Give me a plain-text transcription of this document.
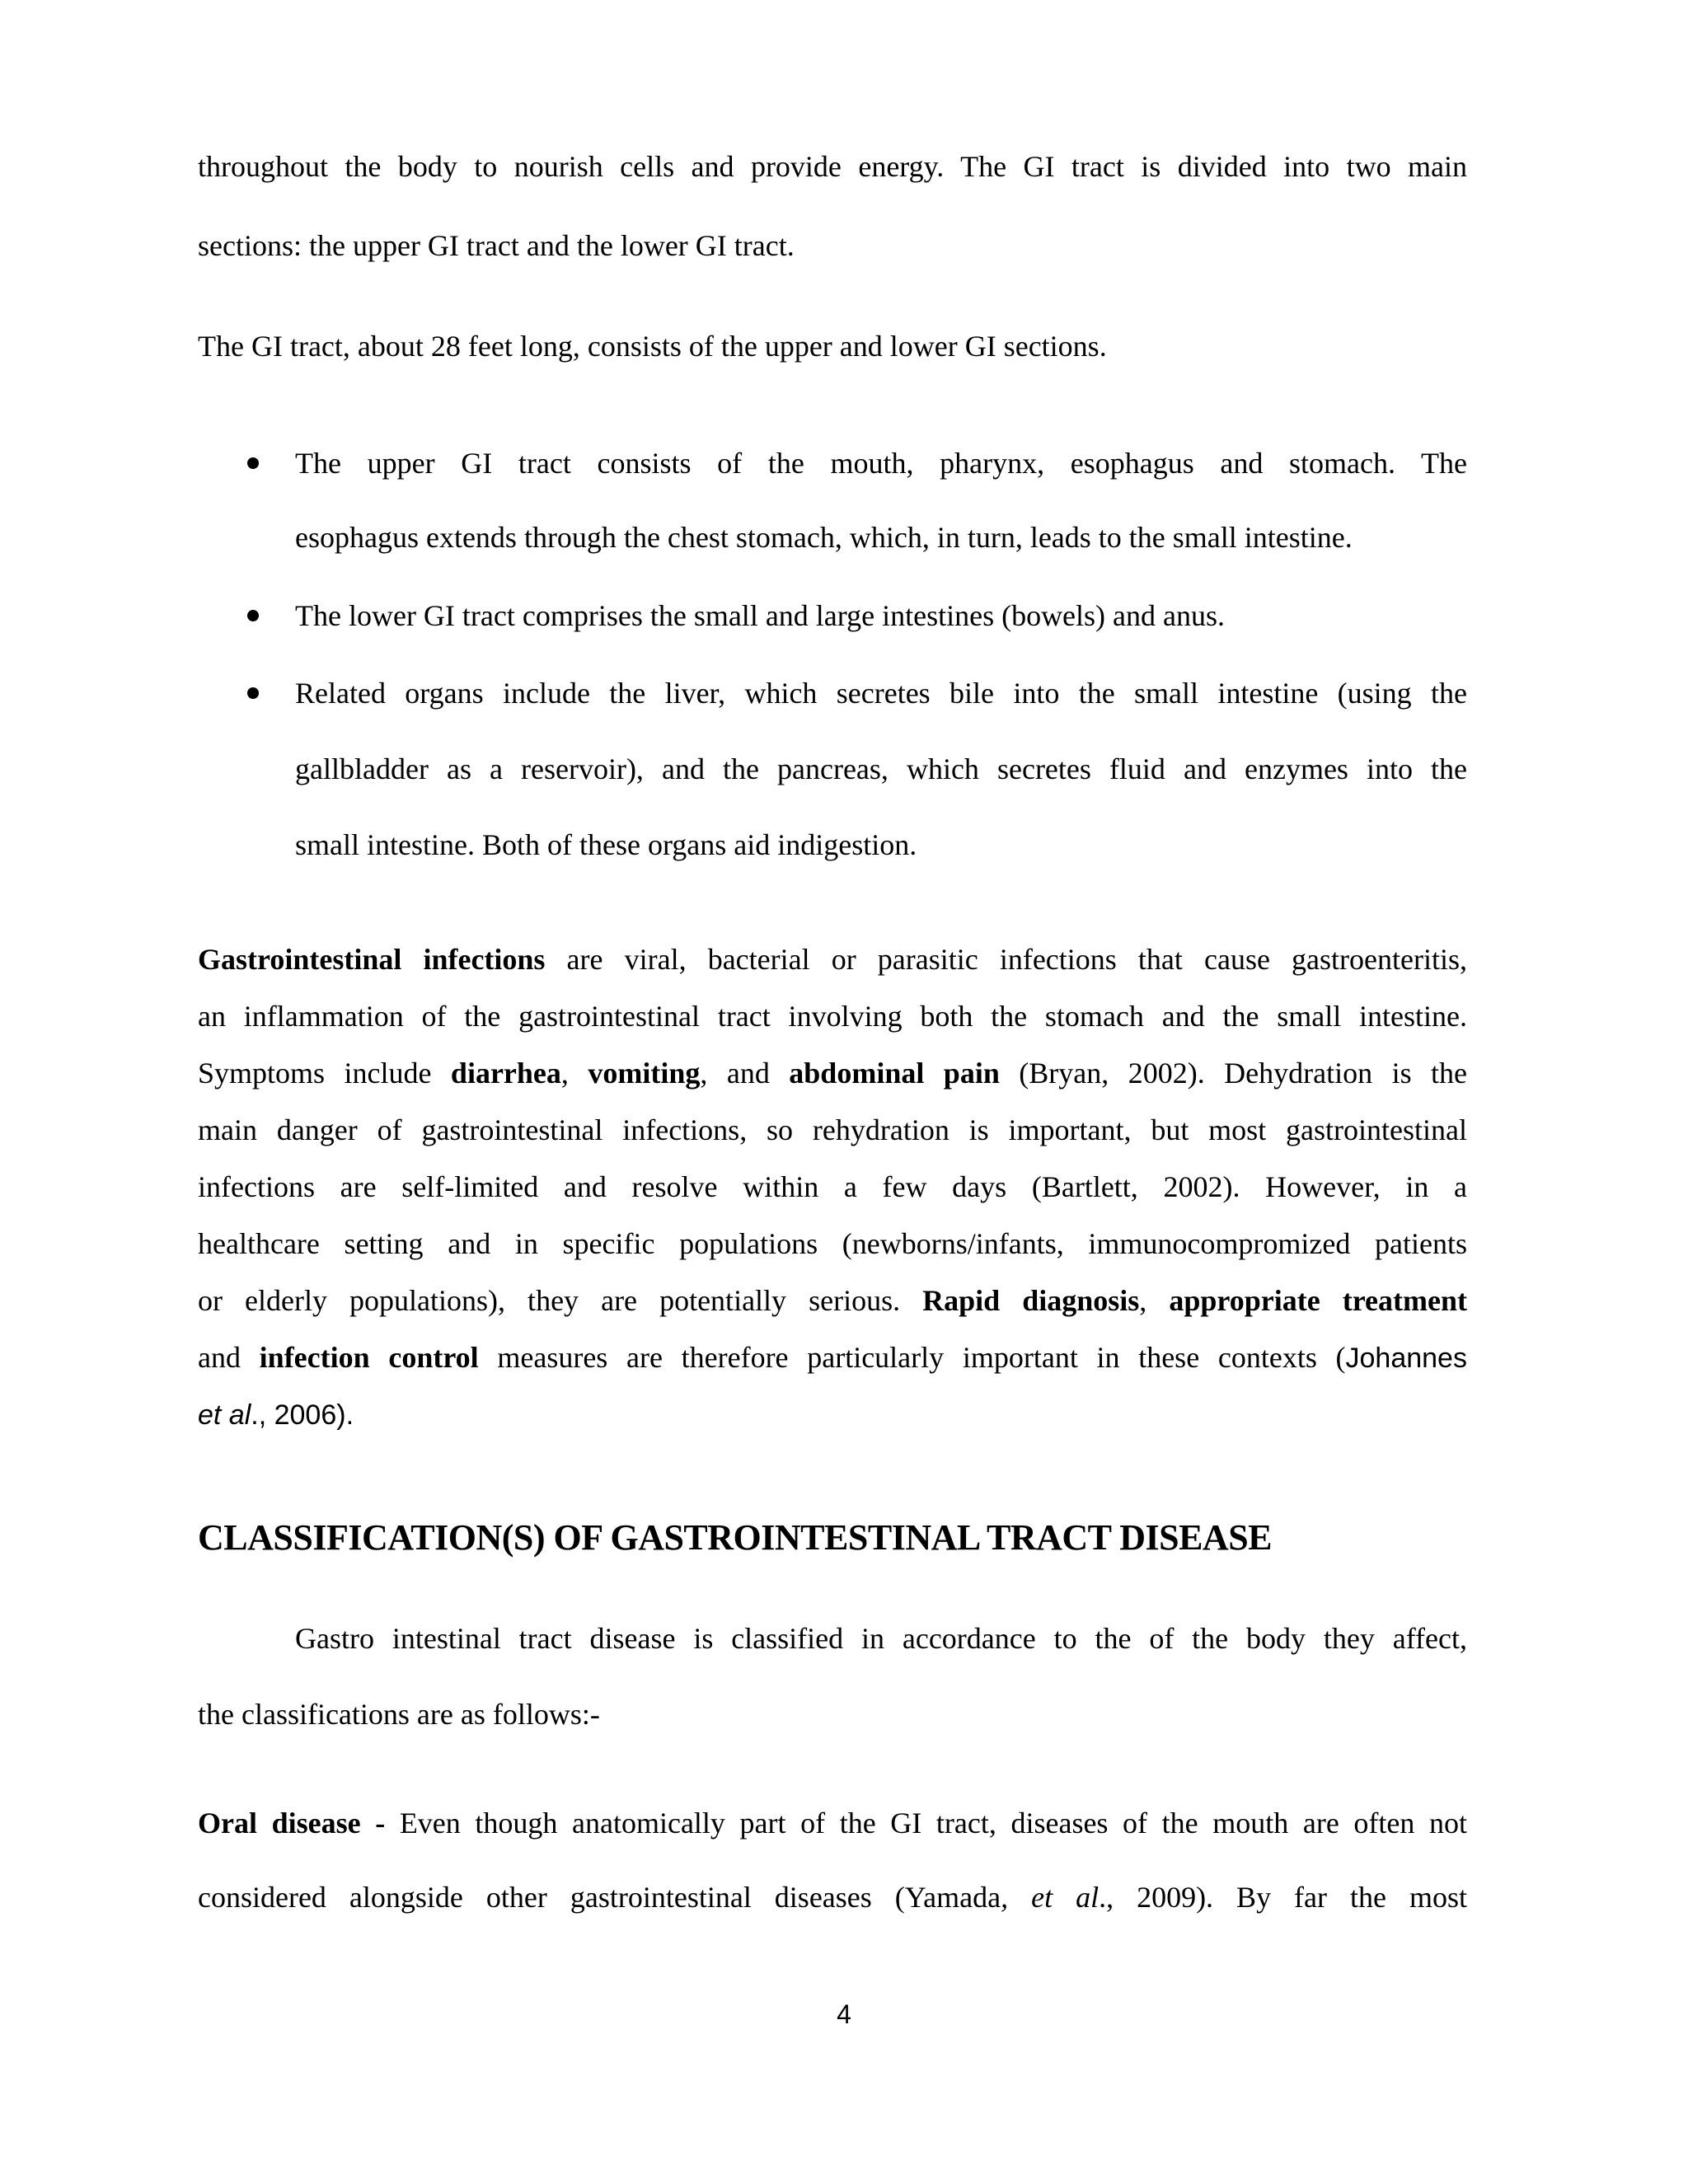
throughout the body to nourish cells and provide energy. The GI tract is divided into two main
sections: the upper GI tract and the lower GI tract.
The GI tract, about 28 feet long, consists of the upper and lower GI sections.
The upper GI tract consists of the mouth, pharynx, esophagus and stomach. The
esophagus extends through the chest stomach, which, in turn, leads to the small intestine.
The lower GI tract comprises the small and large intestines (bowels) and anus.
Related organs include the liver, which secretes bile into the small intestine (using the
gallbladder as a reservoir), and the pancreas, which secretes fluid and enzymes into the
small intestine. Both of these organs aid indigestion.
Gastrointestinal infections are viral, bacterial or parasitic infections that cause gastroenteritis,
an inflammation of the gastrointestinal tract involving both the stomach and the small intestine.
Symptoms include diarrhea, vomiting, and abdominal pain (Bryan, 2002). Dehydration is the
main danger of gastrointestinal infections, so rehydration is important, but most gastrointestinal
infections are self-limited and resolve within a few days (Bartlett, 2002). However, in a
healthcare setting and in specific populations (newborns/infants, immunocompromized patients
or elderly populations), they are potentially serious. Rapid diagnosis, appropriate treatment
and infection control measures are therefore particularly important in these contexts (Johannes
et al., 2006).
CLASSIFICATION(S) OF GASTROINTESTINAL TRACT DISEASE
Gastro intestinal tract disease is classified in accordance to the of the body they affect,
the classifications are as follows:-
Oral disease - Even though anatomically part of the GI tract, diseases of the mouth are often not
considered alongside other gastrointestinal diseases (Yamada, et al., 2009). By far the most
4
